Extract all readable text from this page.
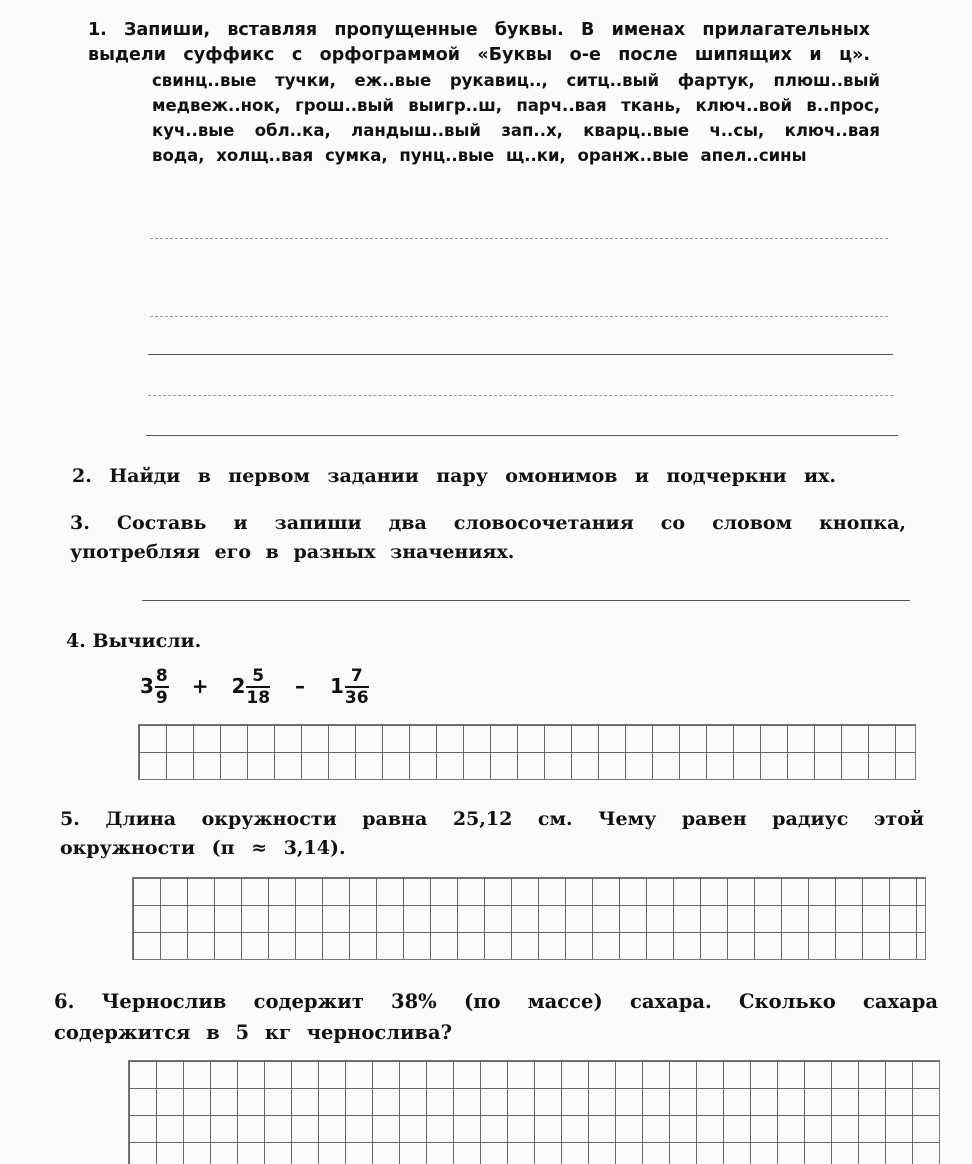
1. Запиши, вставляя пропущенные буквы. В именах прилагательных
выдели суффикс с орфограммой «Буквы о-е после шипящих и ц».
свинц..вые тучки, еж..вые рукавиц.., ситц..вый фартук, плюш..вый
медвеж..нок, грош..вый выигр..ш, парч..вая ткань, ключ..вой в..прос,
куч..вые обл..ка, ландыш..вый зап..х, кварц..вые ч..сы, ключ..вая
вода, холщ..вая сумка, пунц..вые щ..ки, оранж..вые апел..сины
2. Найди в первом задании пару омонимов и подчеркни их.
3. Составь и запиши два словосочетания со словом кнопка,
употребляя его в разных значениях.
4. Вычисли.
$3 \frac{8}{9} + 2 \frac{5}{18} - 1 \frac{7}{36}$
5. Длина окружности равна 25,12 см. Чему равен радиус этой
окружности (π ≈ 3,14).
6. Чернослив содержит 38% (по массе) сахара. Сколько сахара
содержится в 5 кг чернослива?
